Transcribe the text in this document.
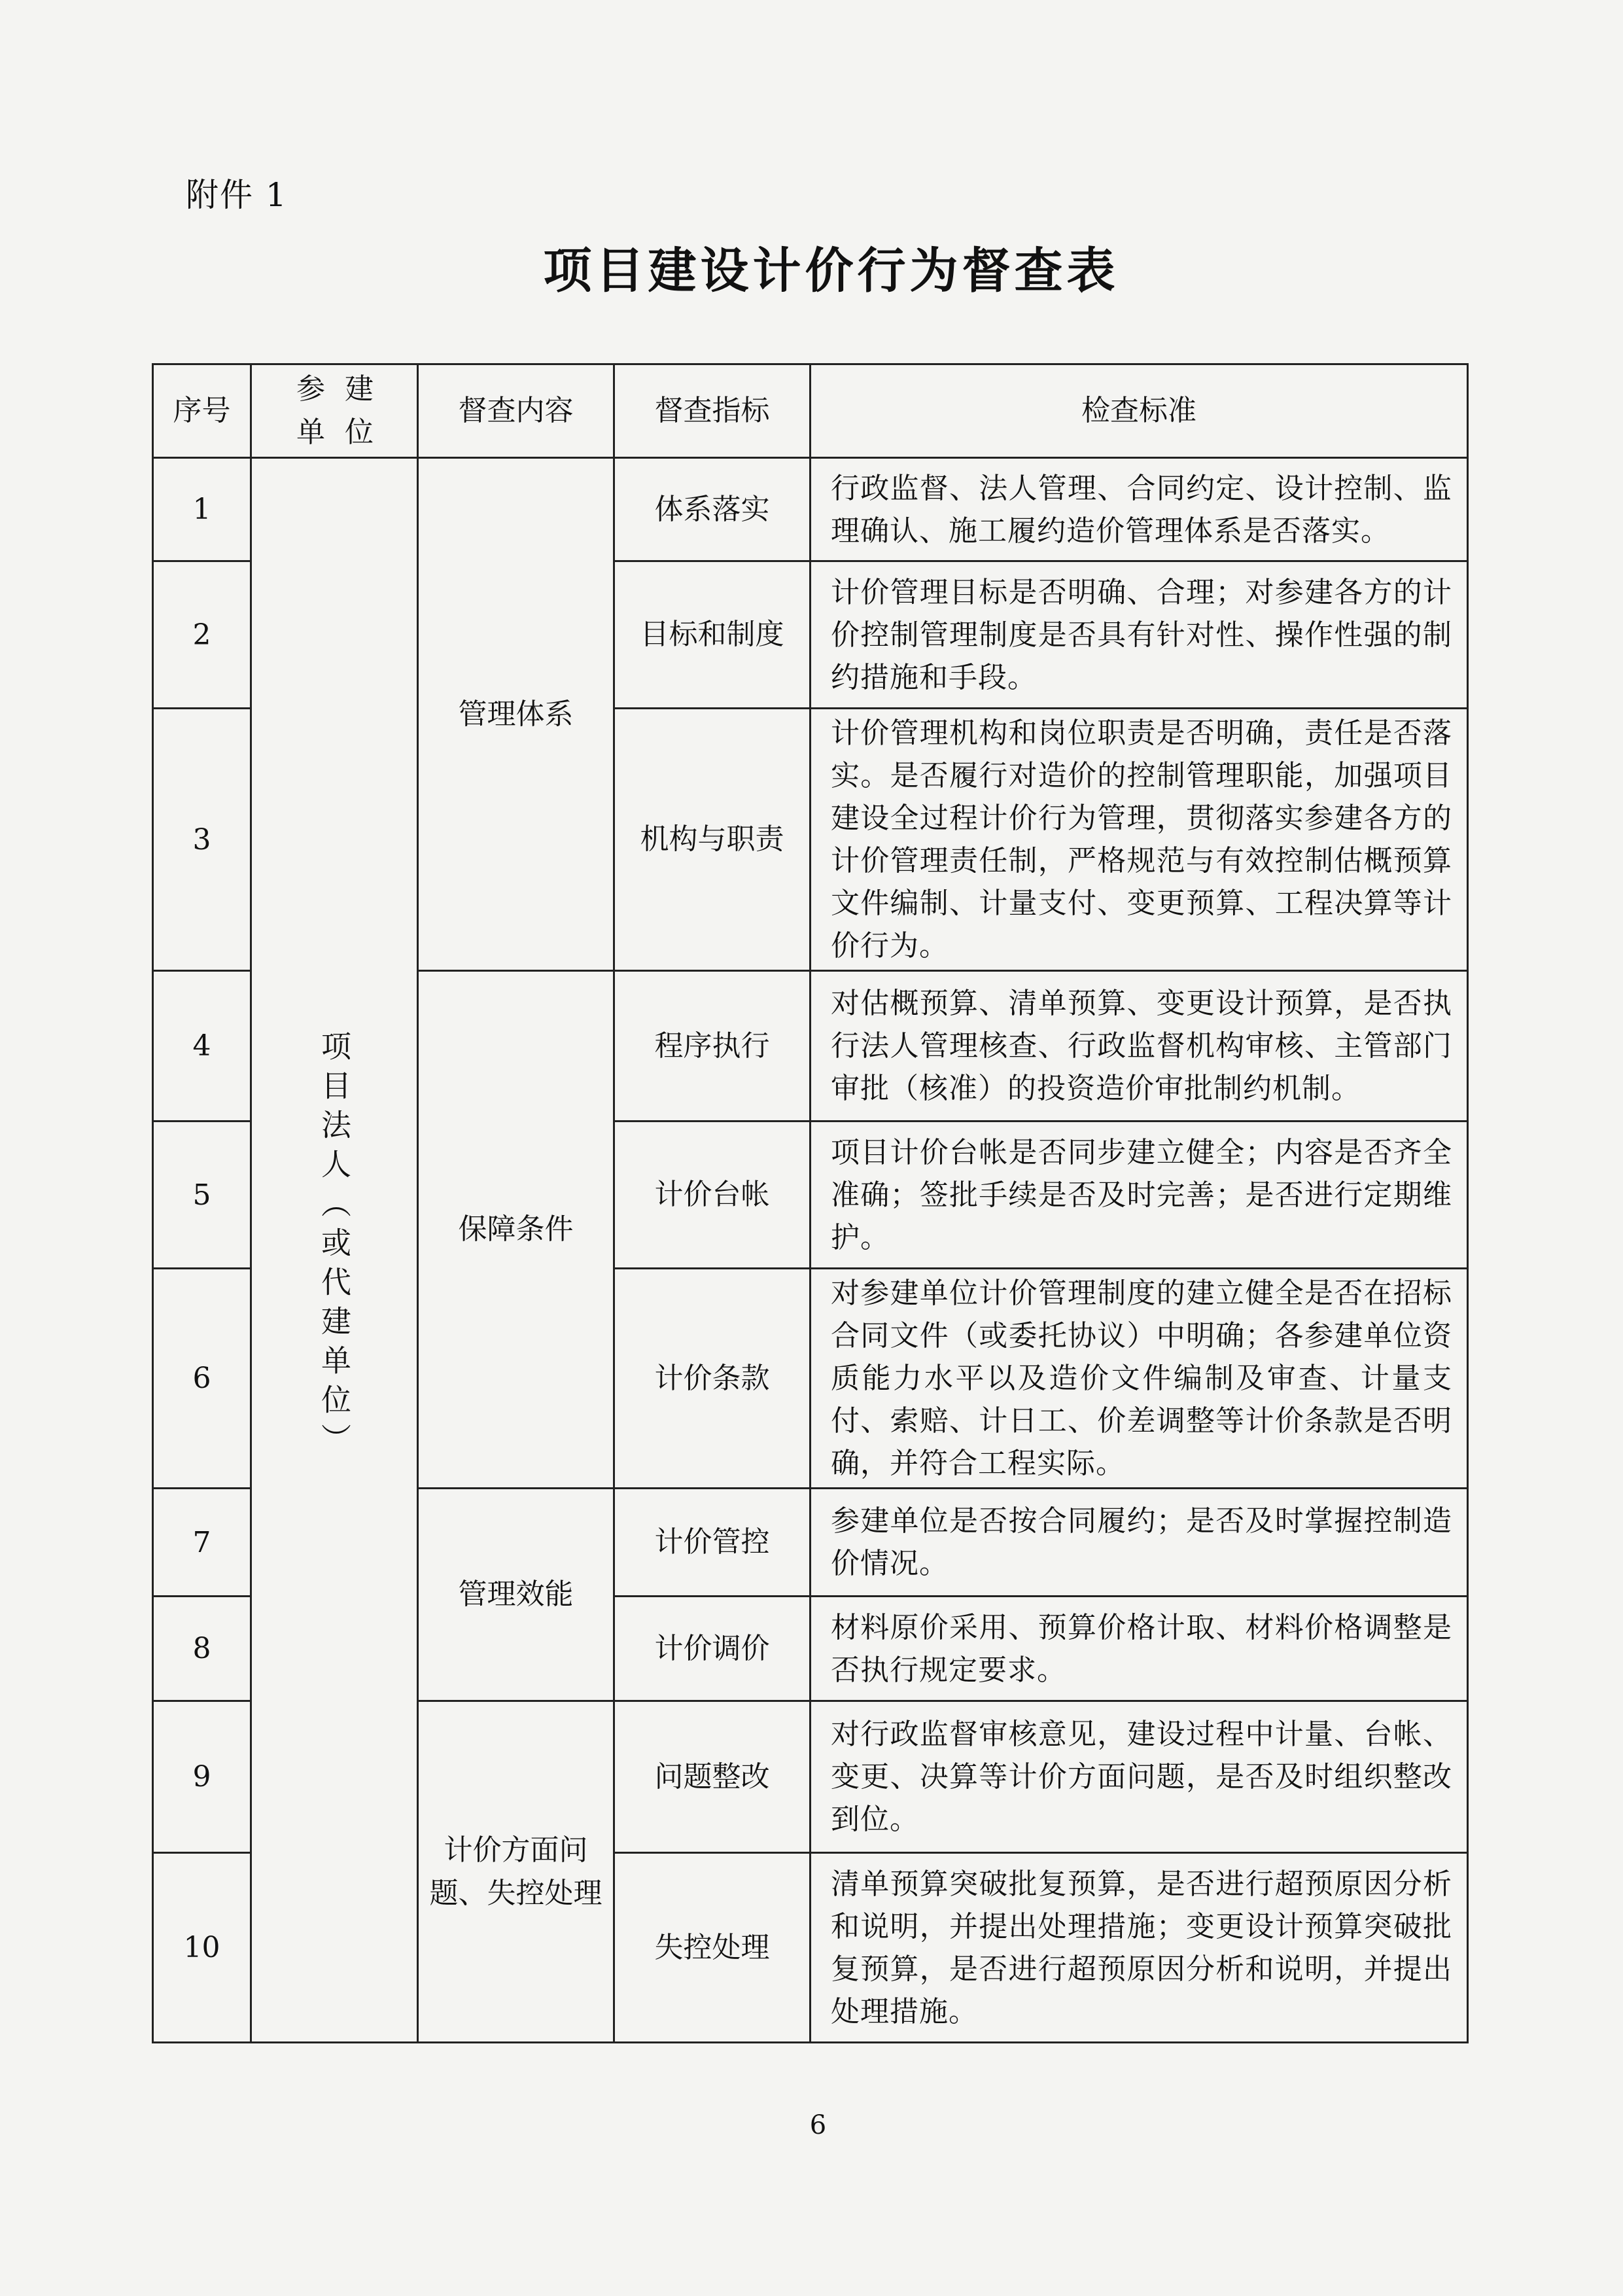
附件 1
项目建设计价行为督查表
序号	参建单位	督查内容	督查指标	检查标准
1	项目法人（或代建单位）	管理体系	体系落实	行政监督、法人管理、合同约定、设计控制、监理确认、施工履约造价管理体系是否落实。
2			目标和制度	计价管理目标是否明确、合理；对参建各方的计价控制管理制度是否具有针对性、操作性强的制约措施和手段。
3			机构与职责	计价管理机构和岗位职责是否明确，责任是否落实。是否履行对造价的控制管理职能，加强项目建设全过程计价行为管理，贯彻落实参建各方的计价管理责任制，严格规范与有效控制估概预算文件编制、计量支付、变更预算、工程决算等计价行为。
4		保障条件	程序执行	对估概预算、清单预算、变更设计预算，是否执行法人管理核查、行政监督机构审核、主管部门审批（核准）的投资造价审批制约机制。
5			计价台帐	项目计价台帐是否同步建立健全；内容是否齐全准确；签批手续是否及时完善；是否进行定期维护。
6			计价条款	对参建单位计价管理制度的建立健全是否在招标合同文件（或委托协议）中明确；各参建单位资质能力水平以及造价文件编制及审查、计量支付、索赔、计日工、价差调整等计价条款是否明确，并符合工程实际。
7		管理效能	计价管控	参建单位是否按合同履约；是否及时掌握控制造价情况。
8			计价调价	材料原价采用、预算价格计取、材料价格调整是否执行规定要求。
9		计价方面问题、失控处理	问题整改	对行政监督审核意见，建设过程中计量、台帐、变更、决算等计价方面问题，是否及时组织整改到位。
10			失控处理	清单预算突破批复预算，是否进行超预原因分析和说明，并提出处理措施；变更设计预算突破批复预算，是否进行超预原因分析和说明，并提出处理措施。
6
